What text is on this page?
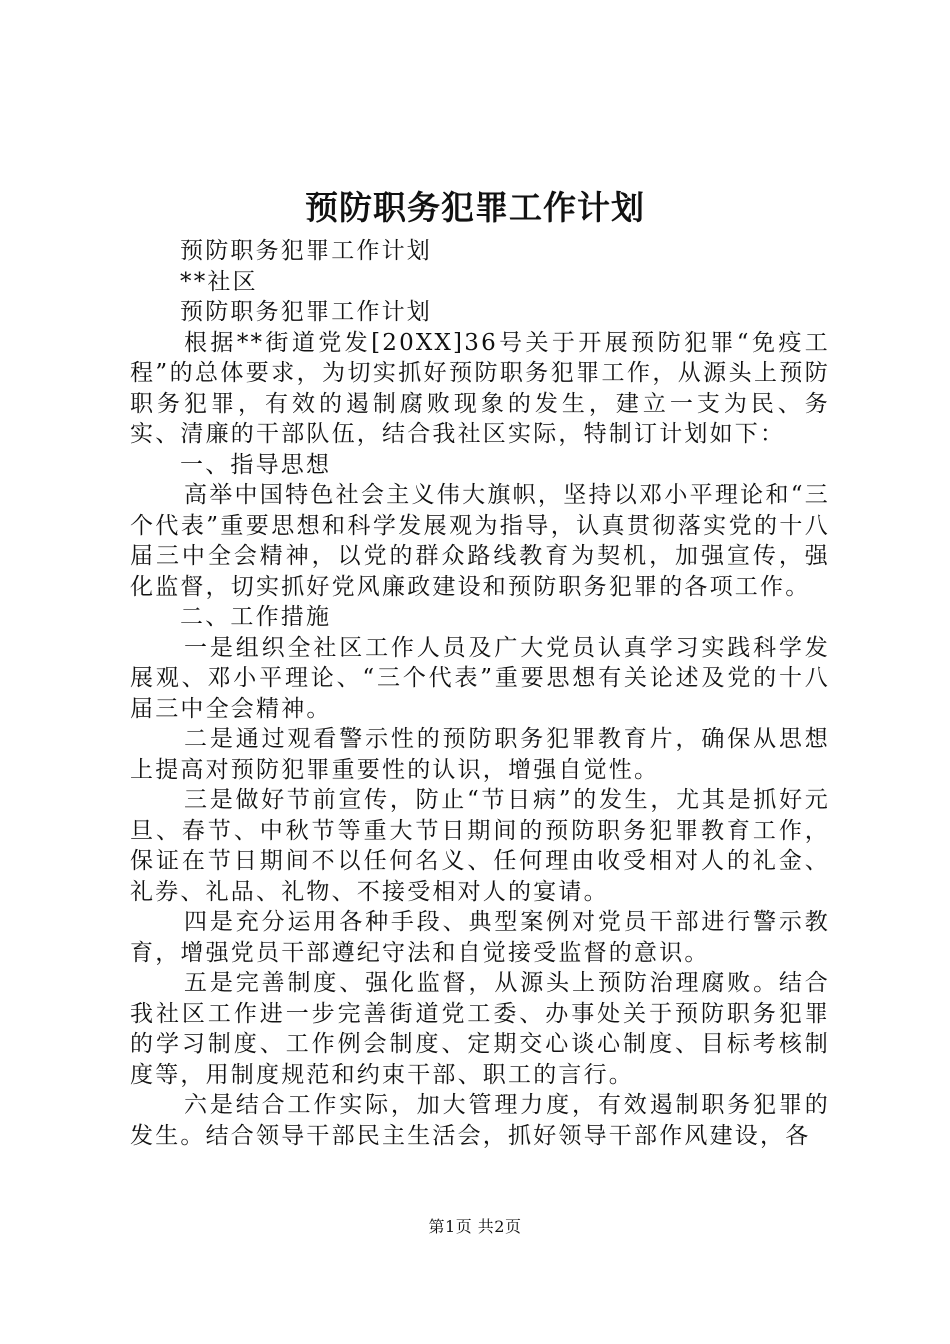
预防职务犯罪工作计划

预防职务犯罪工作计划

**社区

预防职务犯罪工作计划

根据**街道党发[20XX]36号关于开展预防犯罪“免疫工程”的总体要求，为切实抓好预防职务犯罪工作，从源头上预防职务犯罪，有效的遏制腐败现象的发生，建立一支为民、务实、清廉的干部队伍，结合我社区实际，特制订计划如下：

一、指导思想

高举中国特色社会主义伟大旗帜，坚持以邓小平理论和“三个代表”重要思想和科学发展观为指导，认真贯彻落实党的十八届三中全会精神，以党的群众路线教育为契机，加强宣传，强化监督，切实抓好党风廉政建设和预防职务犯罪的各项工作。

二、工作措施

一是组织全社区工作人员及广大党员认真学习实践科学发展观、邓小平理论、“三个代表”重要思想有关论述及党的十八届三中全会精神。

二是通过观看警示性的预防职务犯罪教育片，确保从思想上提高对预防犯罪重要性的认识，增强自觉性。

三是做好节前宣传，防止“节日病”的发生，尤其是抓好元旦、春节、中秋节等重大节日期间的预防职务犯罪教育工作，保证在节日期间不以任何名义、任何理由收受相对人的礼金、礼券、礼品、礼物、不接受相对人的宴请。

四是充分运用各种手段、典型案例对党员干部进行警示教育，增强党员干部遵纪守法和自觉接受监督的意识。

五是完善制度、强化监督，从源头上预防治理腐败。结合我社区工作进一步完善街道党工委、办事处关于预防职务犯罪的学习制度、工作例会制度、定期交心谈心制度、目标考核制度等，用制度规范和约束干部、职工的言行。

六是结合工作实际，加大管理力度，有效遏制职务犯罪的发生。结合领导干部民主生活会，抓好领导干部作风建设，各

第1页 共2页
